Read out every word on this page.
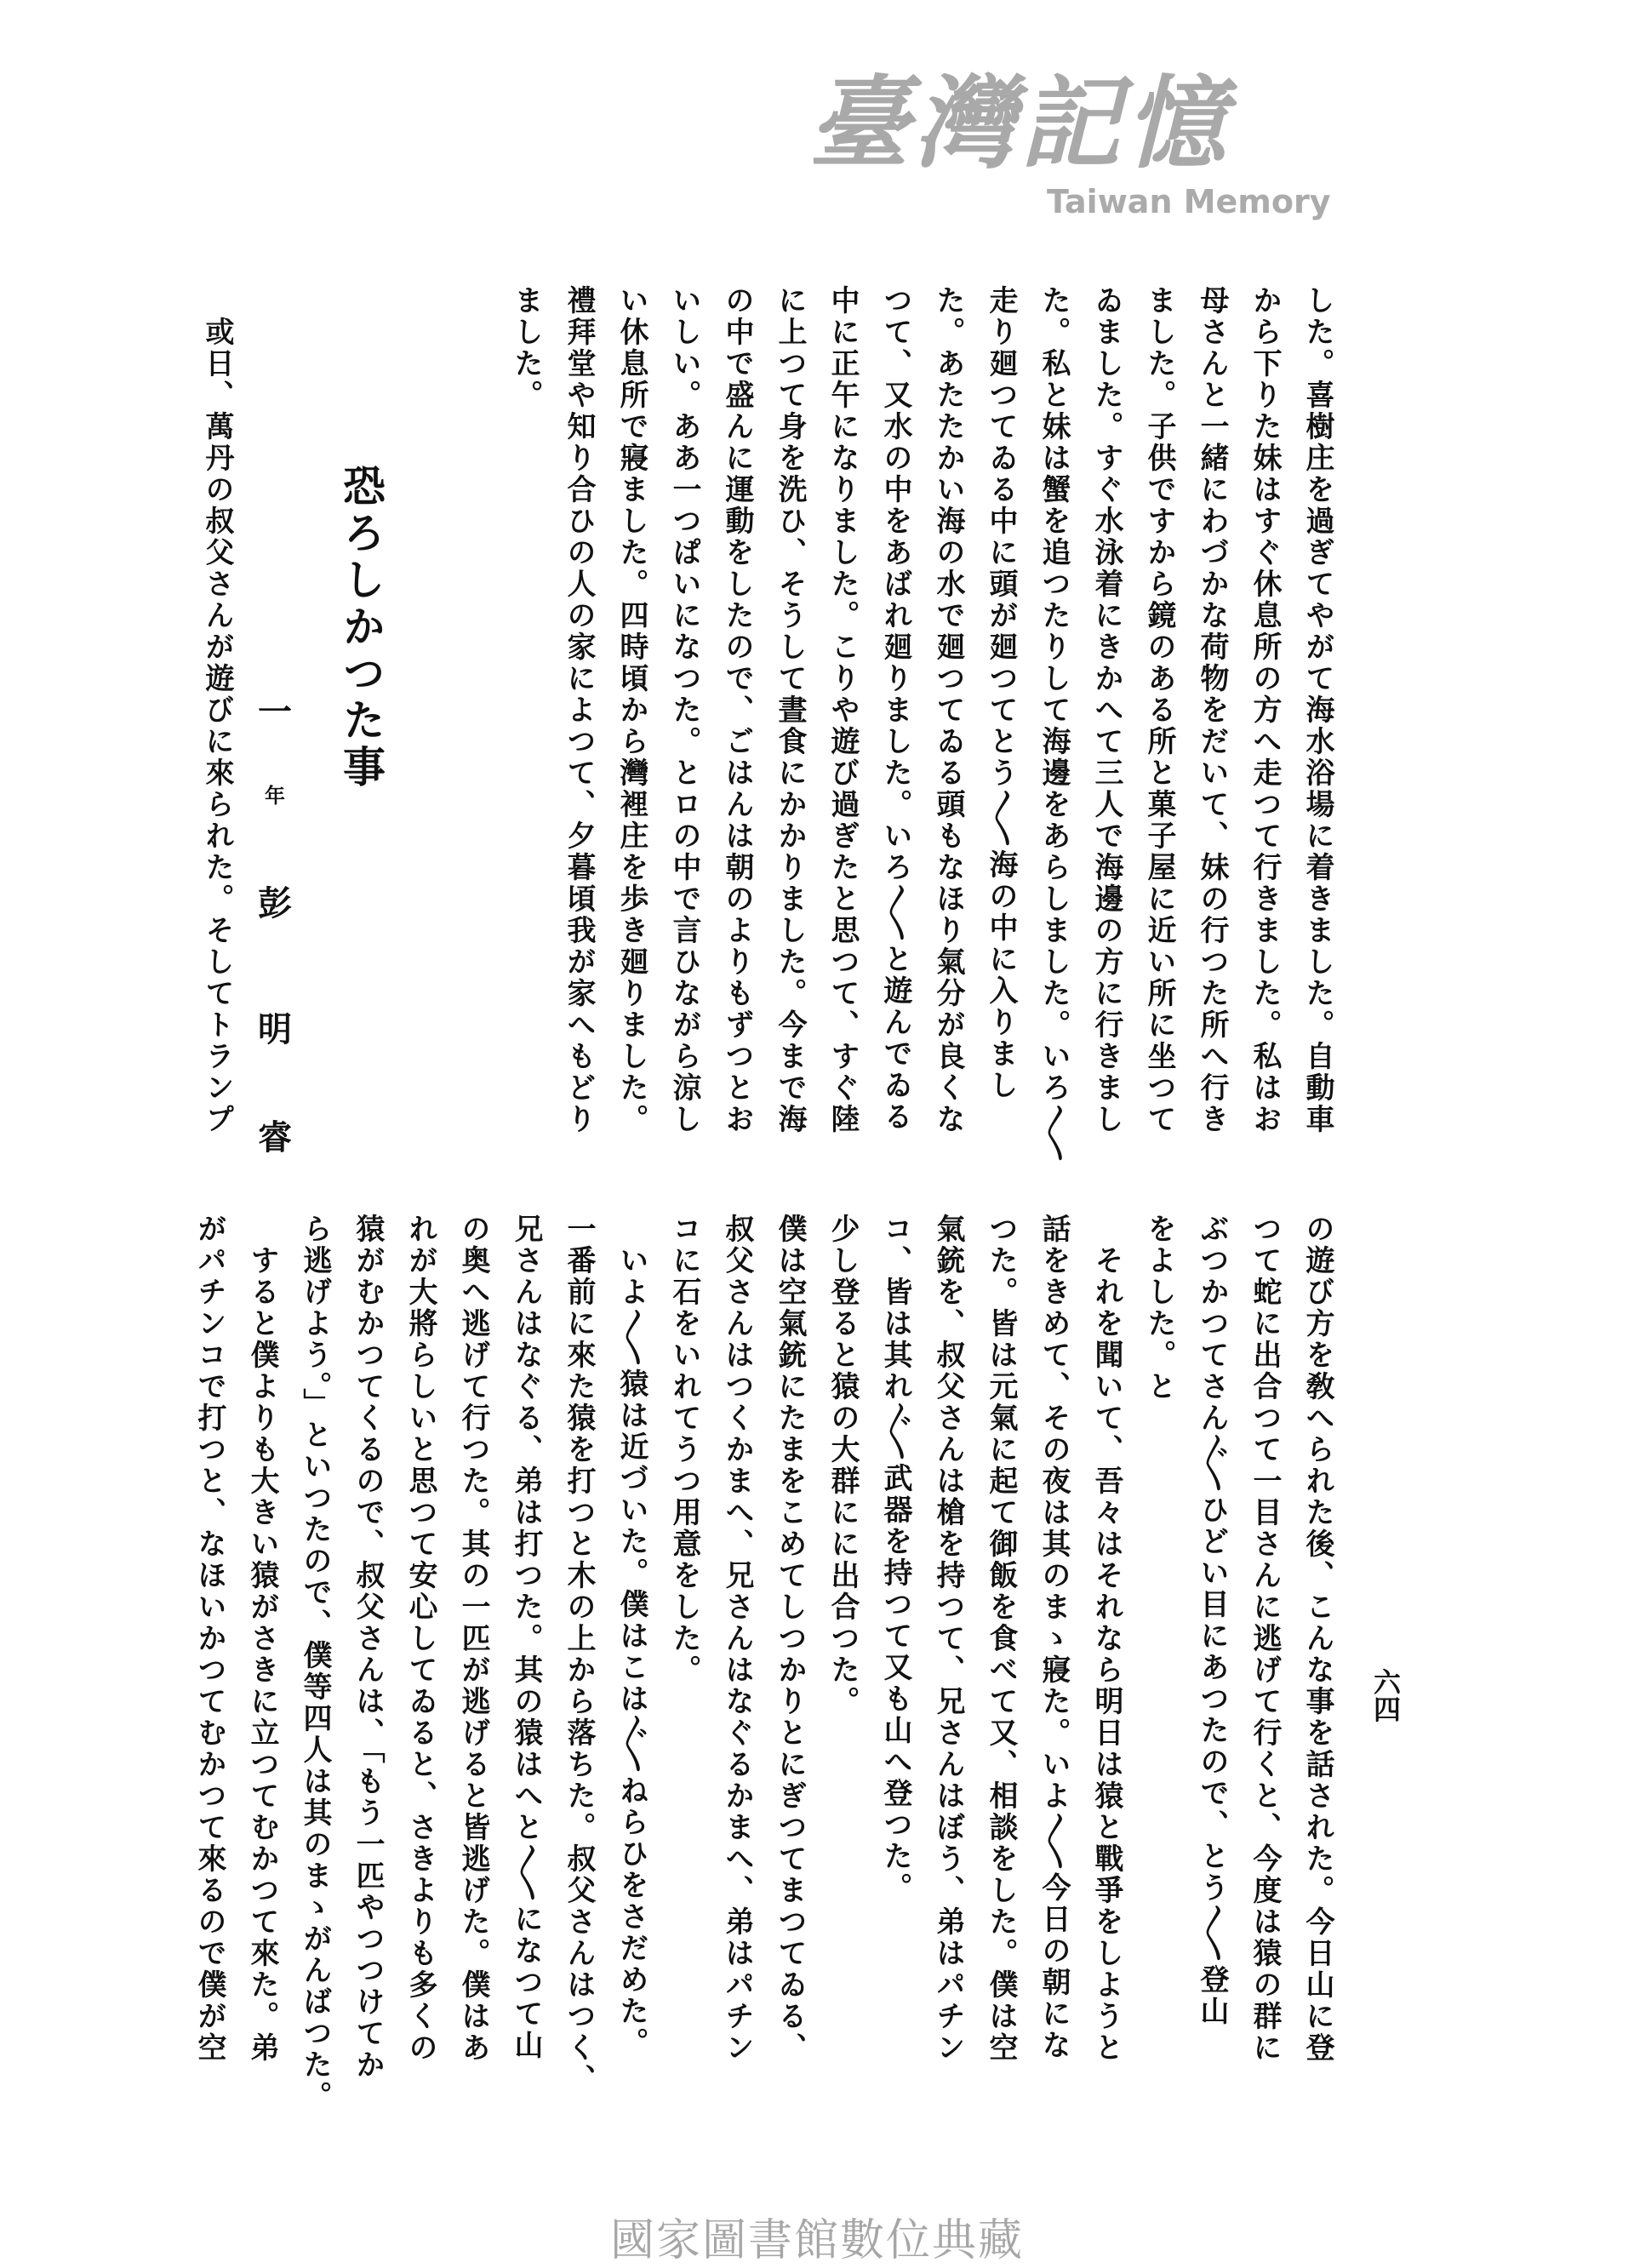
六四

した。喜樹庄を過ぎてやがて海水浴場に着きました。自動車

から下りた妹はすぐ休息所の方へ走つて行きました。私はお

母さんと一緒にわづかな荷物をだいて、妹の行つた所へ行き

ました。子供ですから鏡のある所と菓子屋に近い所に坐つて

ゐました。すぐ水泳着にきかへて三人で海邊の方に行きまし

た。私と妹は蟹を追つたりして海邊をあらしました。いろ〳〵

走り廻つてゐる中に頭が廻つてとう〳〵海の中に入りまし

た。あたたかい海の水で廻つてゐる頭もなほり氣分が良くな

つて、又水の中をあばれ廻りました。いろ〳〵と遊んでゐる

中に正午になりました。こりや遊び過ぎたと思つて、すぐ陸

に上つて身を洗ひ、そうして晝食にかかりました。今まで海

の中で盛んに運動をしたので、ごはんは朝のよりもずつとお

いしい。ああ一つぱいになつた。とロの中で言ひながら涼し

い休息所で寢ました。四時頃から灣裡庄を歩き廻りました。

禮拜堂や知り合ひの人の家によつて、夕暮頃我が家へもどり

ました。

恐ろしかつた事
一
年
彭
明
睿

或日、萬丹の叔父さんが遊びに來られた。そしてトランプ

の遊び方を敎へられた後、こんな事を話された。今日山に登

つて蛇に出合つて一目さんに逃げて行くと、今度は猿の群に

ぶつかつてさん〴〵ひどい目にあつたので、とう〳〵登山

をよした。と

それを聞いて、吾々はそれなら明日は猿と戰爭をしようと

話をきめて、その夜は其のまゝ寢た。いよ〳〵今日の朝にな

つた。皆は元氣に起て御飯を食べて又、相談をした。僕は空

氣銃を、叔父さんは槍を持つて、兄さんはぼう、弟はパチン

コ、皆は其れ〴〵武器を持つて又も山へ登つた。

少し登ると猿の大群にに出合つた。

僕は空氣銃にたまをこめてしつかりとにぎつてまつてゐる、

叔父さんはつくかまへ、兄さんはなぐるかまへ、弟はパチン

コに石をいれてうつ用意をした。

いよ〳〵猿は近づいた。僕はこは〴〵ねらひをさだめた。

一番前に來た猿を打つと木の上から落ちた。叔父さんはつく、

兄さんはなぐる、弟は打つた。其の猿はへと〳〵になつて山

の奥へ逃げて行つた。其の一匹が逃げると皆逃げた。僕はあ

れが大將らしいと思つて安心してゐると、さきよりも多くの

猿がむかつてくるので、叔父さんは、「もう一匹やつつけてか

ら逃げよう。」といつたので、僕等四人は其のまゝがんばつた。

すると僕よりも大きい猿がさきに立つてむかつて來た。弟

がパチンコで打つと、なほいかつてむかつて來るので僕が空

臺灣記憶
Taiwan Memory
國家圖書館數位典藏
